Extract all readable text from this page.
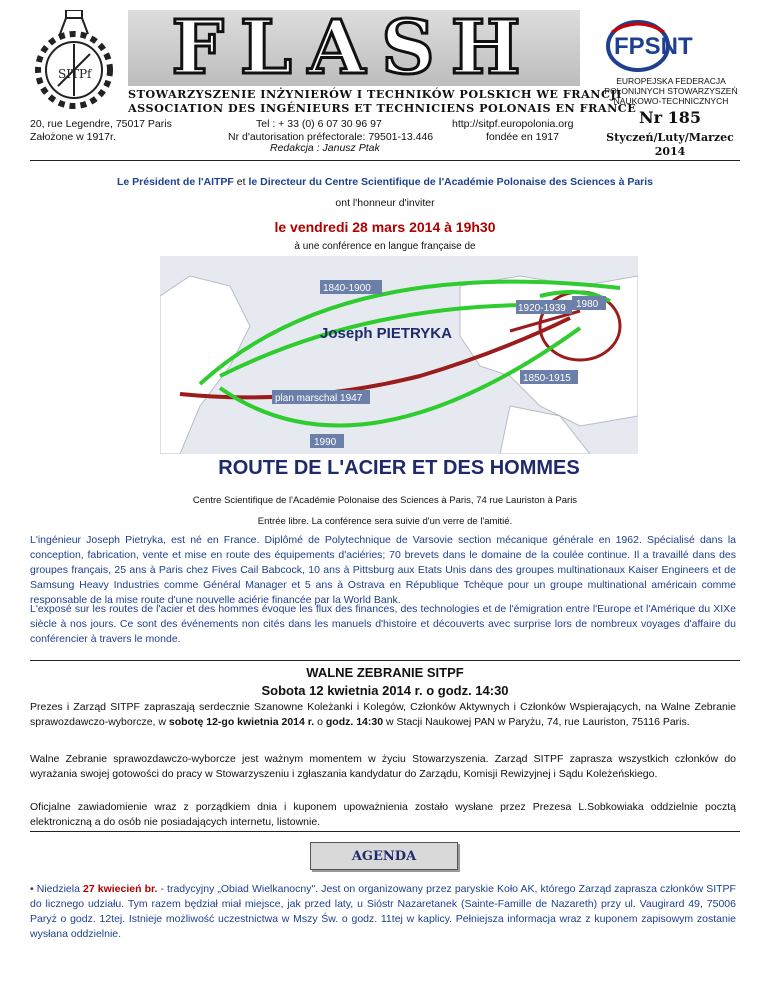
SITPf FLASH
STOWARZYSZENIE INŻYNIERÓW I TECHNIKÓW POLSKICH WE FRANCJI
ASSOCIATION DES INGÉNIEURS ET TECHNICIENS POLONAIS EN FRANCE
20, rue Legendre, 75017 Paris
Założone w 1917r.
Tel : + 33 (0) 6 07 30 96 97
Nr d'autorisation préfectorale: 79501-13.446
Redakcja : Janusz Ptak
http://sitpf.europolonia.org
fondée en 1917
FPSNT
EUROPEJSKA FEDERACJA
POLONIJNYCH STOWARZYSZEŃ
NAUKOWO-TECHNICZNYCH
Nr 185
Styczeń/Luty/Marzec
2014
Le Président de l'AITPF et le Directeur du Centre Scientifique de l'Académie Polonaise des Sciences à Paris
ont l'honneur d'inviter
le vendredi 28 mars 2014 à 19h30
à une conférence en langue française de
1840-1900
1920-1939 1980
1850-1915
plan marschal 1947
1990
Joseph PIETRYKA
ROUTE DE L'ACIER ET DES HOMMES
Centre Scientifique de l'Académie Polonaise des Sciences à Paris, 74 rue Lauriston à Paris
Entrée libre. La conférence sera suivie d'un verre de l'amitié.
L'ingénieur Joseph Pietryka, est né en France. Diplômé de Polytechnique de Varsovie section mécanique générale en 1962. Spécialisé dans la conception, fabrication, vente et mise en route des équipements d'aciéries; 70 brevets dans le domaine de la coulée continue. Il a travaillé dans des groupes français, 25 ans à Paris chez Fives Cail Babcock, 10 ans à Pittsburg aux Etats Unis dans des groupes multinationaux Kaiser Engineers et de Samsung Heavy Industries comme Général Manager et 5 ans à Ostrava en République Tchèque pour un groupe multinational américain comme responsable de la mise route d'une nouvelle aciérie financée par la World Bank.
L'exposé sur les routes de l'acier et des hommes évoque les flux des finances, des technologies et de l'émigration entre l'Europe et l'Amérique du XIXe siècle à nos jours. Ce sont des événements non cités dans les manuels d'histoire et découverts avec surprise lors de nombreux voyages d'affaire du conférencier à travers le monde.
WALNE ZEBRANIE SITPF
Sobota 12 kwietnia 2014 r. o godz. 14:30
Prezes i Zarząd SITPF zapraszają serdecznie Szanowne Koleżanki i Kolegów, Członków Aktywnych i Członków Wspierających, na Walne Zebranie sprawozdawczo-wyborcze, w sobotę 12-go kwietnia 2014 r. o godz. 14:30 w Stacji Naukowej PAN w Paryżu, 74, rue Lauriston, 75116 Paris.
Walne Zebranie sprawozdawczo-wyborcze jest ważnym momentem w życiu Stowarzyszenia. Zarząd SITPF zaprasza wszystkich członków do wyrażania swojej gotowości do pracy w Stowarzyszeniu i zgłaszania kandydatur do Zarządu, Komisji Rewizyjnej i Sądu Koleżeńskiego.
Oficjalne zawiadomienie wraz z porządkiem dnia i kuponem upoważnienia zostało wysłane przez Prezesa L.Sobkowiaka oddzielnie pocztą elektroniczną a do osób nie posiadających internetu, listownie.
AGENDA
• Niedziela 27 kwiecień br. - tradycyjny „Obiad Wielkanocny". Jest on organizowany przez paryskie Koło AK, którego Zarząd zaprasza członków SITPF do licznego udziału. Tym razem będział miał miejsce, jak przed laty, u Sióstr Nazaretanek (Sainte-Famille de Nazareth) przy ul. Vaugirard 49, 75006 Paryż o godz. 12tej. Istnieje możliwość uczestnictwa w Mszy Św. o godz. 11tej w kaplicy. Pełniejsza informacja wraz z kuponem zapisowym zostanie wysłana oddzielnie.
